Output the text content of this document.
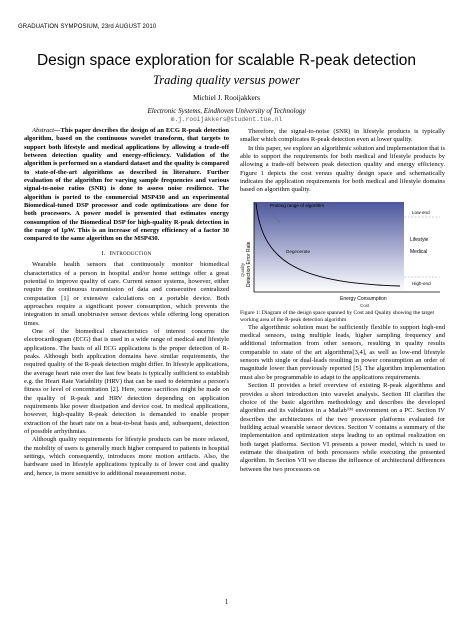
GRADUATION SYMPOSIUM, 23rd AUGUST 2010
Design space exploration for scalable R-peak detection
Trading quality versus power
Michiel J. Rooijakkers
Electronic Systems, Eindhoven University of Technology
m.j.rooijakkers@student.tue.nl

Abstract—This paper describes the design of an ECG R-peak detection algorithm, based on the continuous wavelet transform, that targets to support both lifestyle and medical applications by allowing a trade-off between detection quality and energy-efficiency. Validation of the algorithm is performed on a standard dataset and the quality is compared to state-of-the-art algorithms as described in literature. Further evaluation of the algorithm for varying sample frequencies and various signal-to-noise ratios (SNR) is done to assess noise resilience. The algorithm is ported to the commercial MSP430 and an experimental Biomedical-tuned DSP processor and code optimizations are done for both processors. A power model is presented that estimates energy consumption of the Biomedical DSP for high-quality R-peak detection in the range of 1μW. This is an increase of energy efficiency of a factor 30 compared to the same algorithm on the MSP430.

I. Introduction

Wearable health sensors that continuously monitor biomedical characteristics of a person in hospital and/or home settings offer a great potential to improve quality of care. Current sensor systems, however, either require the continuous transmission of data and consecutive centralized computation [1] or extensive calculations on a portable device. Both approaches require a significant power consumption, which prevents the integration in small unobtrusive sensor devices while offering long operation times.

One of the biomedical characteristics of interest concerns the electrocardiogram (ECG) that is used in a wide range of medical and lifestyle applications. The basis of all ECG applications is the proper detection of R-peaks. Although both application domains have similar requirements, the required quality of the R-peak detection might differ. In lifestyle applications, the average heart rate over the last few beats is typically sufficient to establish e.g. the Heart Rate Variability (HRV) that can be used to determine a person's fitness or level of concentration [2]. Here, some sacrifices might be made on the quality of R-peak and HRV detection depending on application requirements like power dissipation and device cost. In medical applications, however, high-quality R-peak detection is demanded to enable proper extraction of the heart rate on a beat-to-beat basis and, subsequent, detection of possible arrhythmias.

Although quality requirements for lifestyle products can be more relaxed, the mobility of users is generally much higher compared to patients in hospital settings, which consequently, introduces more motion artifacts. Also, the hardware used in lifestyle applications typically is of lower cost and quality and, hence, is more sensitive to additional measurement noise.

Therefore, the signal-to-noise (SNR) in lifestyle products is typically smaller which complicates R-peak detection even at lower quality.

In this paper, we explore an algorithmic solution and implementation that is able to support the requirements for both medical and lifestyle products by allowing a trade-off between peak detection quality and energy efficiency. Figure 1 depicts the cost versus quality design space and schematically indicates the application requirements for both medical and lifestyle domains based on algorithm quality.

Quality Detection Error Rate
Prolong range of algorithm
Degenerate
Low-end
Lifestyle
Medical
High-end
Energy Consumption
Cost

Figure 1: Diagram of the design space spanned by Cost and Quality showing the target working area of the R-peak detection algorithm

The algorithmic solution must be sufficiently flexible to support high-end medical sensors, using multiple leads, higher sampling frequency and additional information from other sensors, resulting in quality results comparable to state of the art algorithms[3,4], as well as low-end lifestyle sensors with single or dual-leads resulting in power consumption an order of magnitude lower than previously reported [5]. The algorithm implementation must also be programmable to adapt to the applications requirements.

Section II provides a brief overview of existing R-peak algorithms and provides a short introduction into wavelet analysis. Section III clarifies the choice of the basic algorithm methodology and describes the developed algorithm and its validation in a Matlab™ environment on a PC. Section IV describes the architectures of the two processor platforms evaluated for building actual wearable sensor devices. Section V contains a summary of the implementation and optimization steps leading to an optimal realization on both target platforms. Section VI presents a power model, which is used to estimate the dissipation of both processors while executing the presented algorithm. In Section VII we discuss the influence of architectural differences between the two processors on

1
